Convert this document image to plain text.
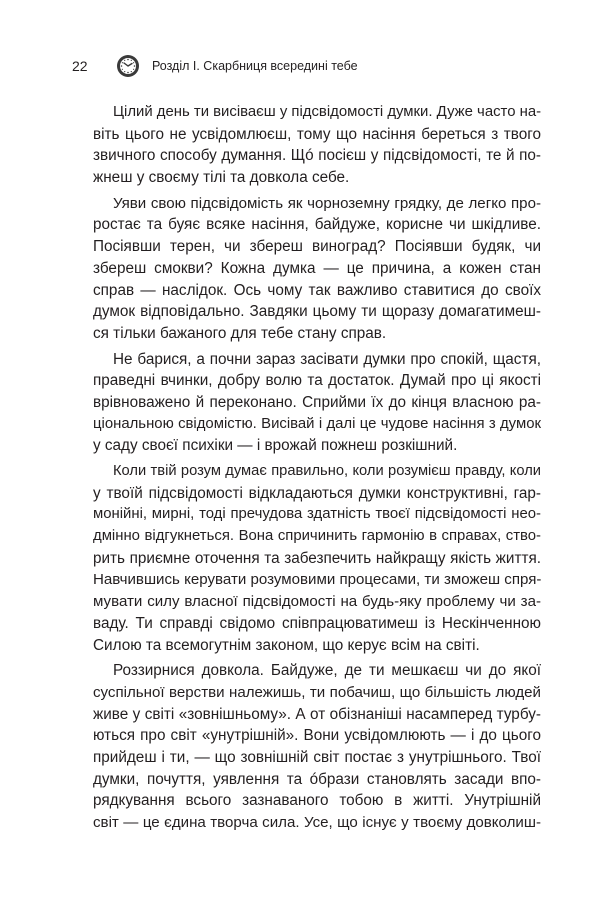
22	Розділ І. Скарбниця всередині тебе
Цілий день ти висіваєш у підсвідомості думки. Дуже часто на-
віть цього не усвідомлюєш, тому що насіння береться з твого
звичного способу думання. Щó посієш у підсвідомості, те й по-
жнеш у своєму тілі та довкола себе.
Уяви свою підсвідомість як чорноземну грядку, де легко про-
ростає та буяє всяке насіння, байдуже, корисне чи шкідливе.
Посіявши терен, чи збереш виноград? Посіявши будяк, чи
збереш смокви? Кожна думка — це причина, а кожен стан
справ — наслідок. Ось чому так важливо ставитися до своїх
думок відповідально. Завдяки цьому ти щоразу домагатимеш-
ся тільки бажаного для тебе стану справ.
Не барися, а почни зараз засівати думки про спокій, щастя,
праведні вчинки, добру волю та достаток. Думай про ці якості
врівноважено й переконано. Сприйми їх до кінця власною ра-
ціональною свідомістю. Висівай і далі це чудове насіння з думок
у саду своєї психіки — і врожай пожнеш розкішний.
Коли твій розум думає правильно, коли розумієш правду, коли
у твоїй підсвідомості відкладаються думки конструктивні, гар-
монійні, мирні, тоді пречудова здатність твоєї підсвідомості нео-
дмінно відгукнеться. Вона спричинить гармонію в справах, ство-
рить приємне оточення та забезпечить найкращу якість життя.
Навчившись керувати розумовими процесами, ти зможеш спря-
мувати силу власної підсвідомості на будь-яку проблему чи за-
ваду. Ти справді свідомо співпрацюватимеш із Нескінченною
Силою та всемогутнім законом, що керує всім на світі.
Роззирнися довкола. Байдуже, де ти мешкаєш чи до якої
суспільної верстви належишь, ти побачиш, що більшість людей
живе у світі «зовнішньому». А от обізнаніші насамперед турбу-
ються про світ «унутрішній». Вони усвідомлюють — і до цього
прийдеш і ти, — що зовнішній світ постає з унутрішнього. Твої
думки, почуття, уявлення та óбрази становлять засади впо-
рядкування всього зазнаваного тобою в житті. Унутрішній
світ — це єдина творча сила. Усе, що існує у твоєму довколиш-
